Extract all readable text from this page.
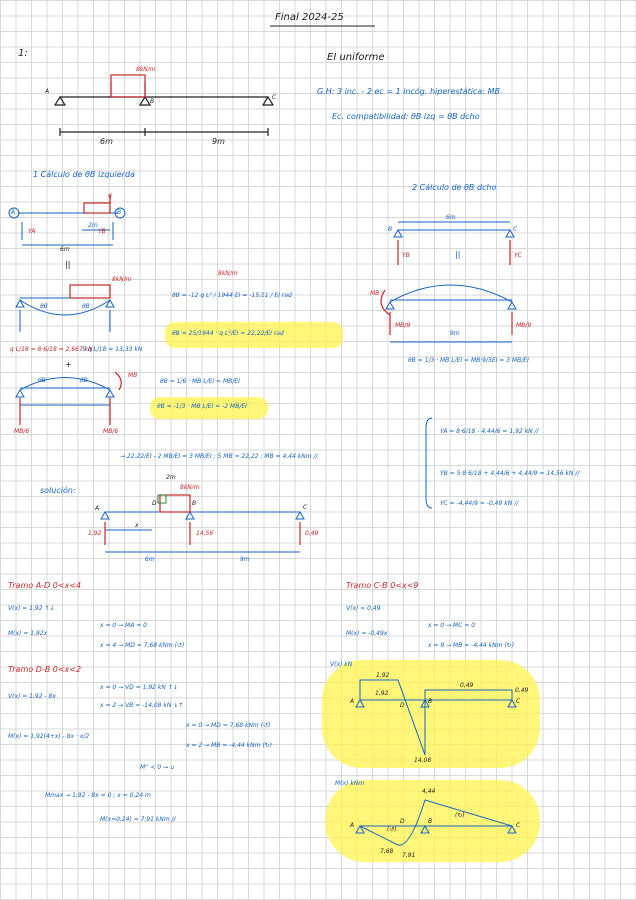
Final 2024-25
1:
8kN/m
A
B
C
6m	9m
EI uniforme
G.H: 3 inc. - 2 ec = 1 incóg. hiperestática: MB
Ec. compatibilidad: θB izq = θB dcho
1 Cálculo de θB izquierda
q
A	B
YA	YB
2m
6m
||
8kN/m
θB	θB
q L/18 = 8·6/18 = 2,667 kN
5 q L/18 = 13,33 kN
+
8kN/m
θB = -12 q L³ / 1944 EI = -15,11 / EI rad
θB = 25/1944 · q L³/EI = 22,22/EI rad
θB	θB
MB
MB/6	MB/6
θB = 1/6 · MB L/EI = MB/EI
θB = -1/3 · MB L/EI = -2 MB/EI
2 Cálculo de θB dcho
6m
B	C
YB	YC
||
MB
MB/9	MB/9
9m
θB = 1/3 · MB L/EI = MB·9/3EI = 3 MB/EI
→ 22,22/EI - 2 MB/EI = 3 MB/EI ; 5 MB = 22,22 ; MB = 4,44 kNm //
YA = 8·6/18 - 4,44/6 = 1,92 kN //
YB = 5·8·6/18 + 4,44/6 + 4,44/9 = 14,56 kN //
YC = -4,44/9 = -0,49 kN //
solución:	8kN/m
2m
x
A
D	B
C
1,92	14,56	0,49
6m	9m
Tramo A-D 0<x<4
V(x) = 1,92 ↑↓
M(x) = 1,92x
x = 0 → MA = 0
x = 4 → MD = 7,68 kNm (↺)
Tramo D-B 0<x<2
V(x) = 1,92 - 8x
x = 0 → VD = 1,92 kN ↑↓
x = 2 → VB = -14,08 kN ↓↑
M(x) = 1,92(4+x) - 8x · x/2
x = 0 → MD = 7,68 kNm (↺)
x = 2 → MB = -4,44 kNm (↻)
M'' < 0 → ∪
Mmax → 1,92 - 8x = 0 ; x = 0,24 m
M(x=0,24) = 7,91 kNm //
Tramo C-B 0<x<9
V(x) = 0,49
M(x) = -0,49x
x = 0 → MC = 0
x = 9 → MB = -4,44 kNm (↻)
V(x) kN
1,92
1,92
0,49
0,49
14,08
A
D
B	C
M(x) kNm
4,44
7,68
7,91
(↺)
(↻)
A
D	B
C
